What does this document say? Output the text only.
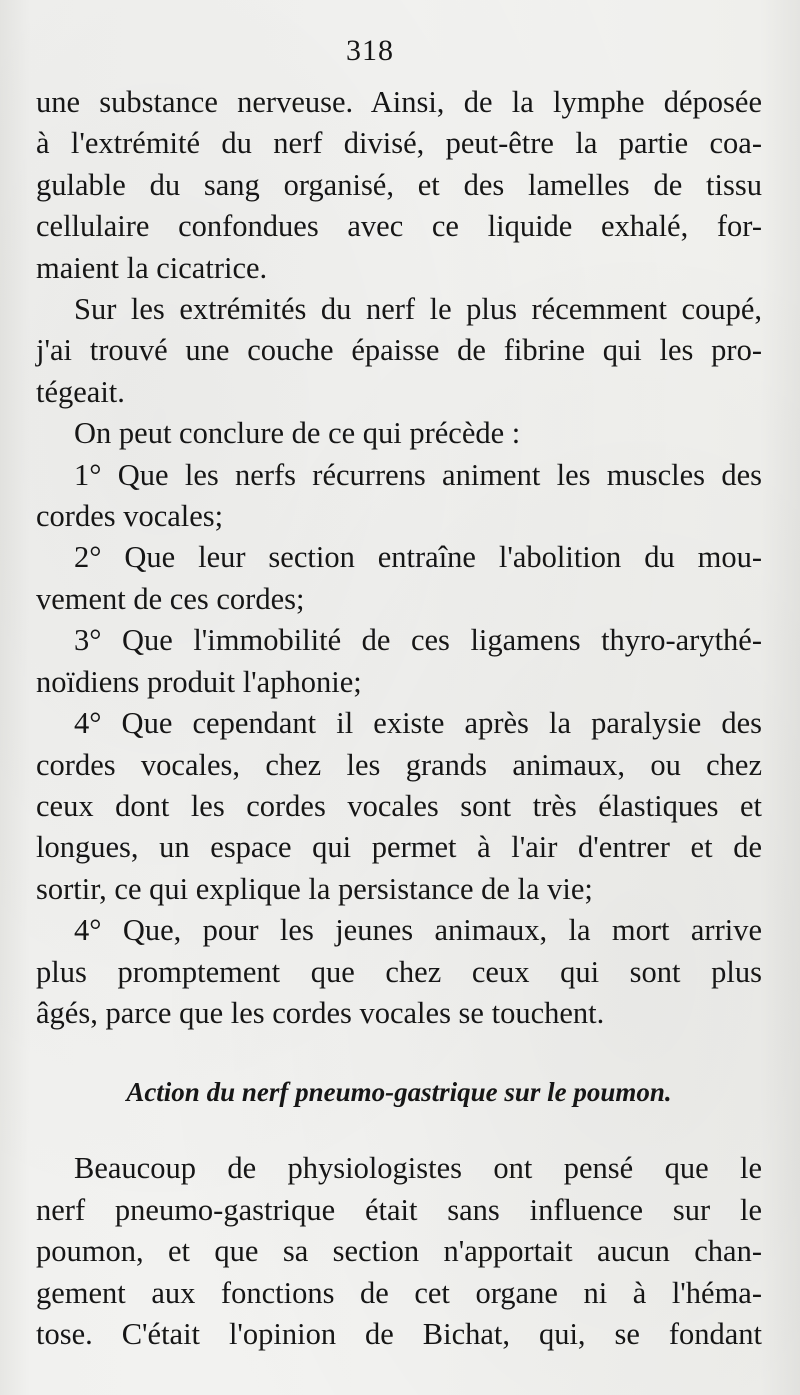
318
une substance nerveuse. Ainsi, de la lymphe déposée
à l'extrémité du nerf divisé, peut-être la partie coa-
gulable du sang organisé, et des lamelles de tissu
cellulaire confondues avec ce liquide exhalé, for-
maient la cicatrice.
Sur les extrémités du nerf le plus récemment coupé,
j'ai trouvé une couche épaisse de fibrine qui les pro-
tégeait.
On peut conclure de ce qui précède :
1° Que les nerfs récurrens animent les muscles des
cordes vocales;
2° Que leur section entraîne l'abolition du mou-
vement de ces cordes;
3° Que l'immobilité de ces ligamens thyro-arythé-
noïdiens produit l'aphonie;
4° Que cependant il existe après la paralysie des
cordes vocales, chez les grands animaux, ou chez
ceux dont les cordes vocales sont très élastiques et
longues, un espace qui permet à l'air d'entrer et de
sortir, ce qui explique la persistance de la vie;
4° Que, pour les jeunes animaux, la mort arrive
plus promptement que chez ceux qui sont plus
âgés, parce que les cordes vocales se touchent.
Action du nerf pneumo-gastrique sur le poumon.
Beaucoup de physiologistes ont pensé que le
nerf pneumo-gastrique était sans influence sur le
poumon, et que sa section n'apportait aucun chan-
gement aux fonctions de cet organe ni à l'héma-
tose. C'était l'opinion de Bichat, qui, se fondant
